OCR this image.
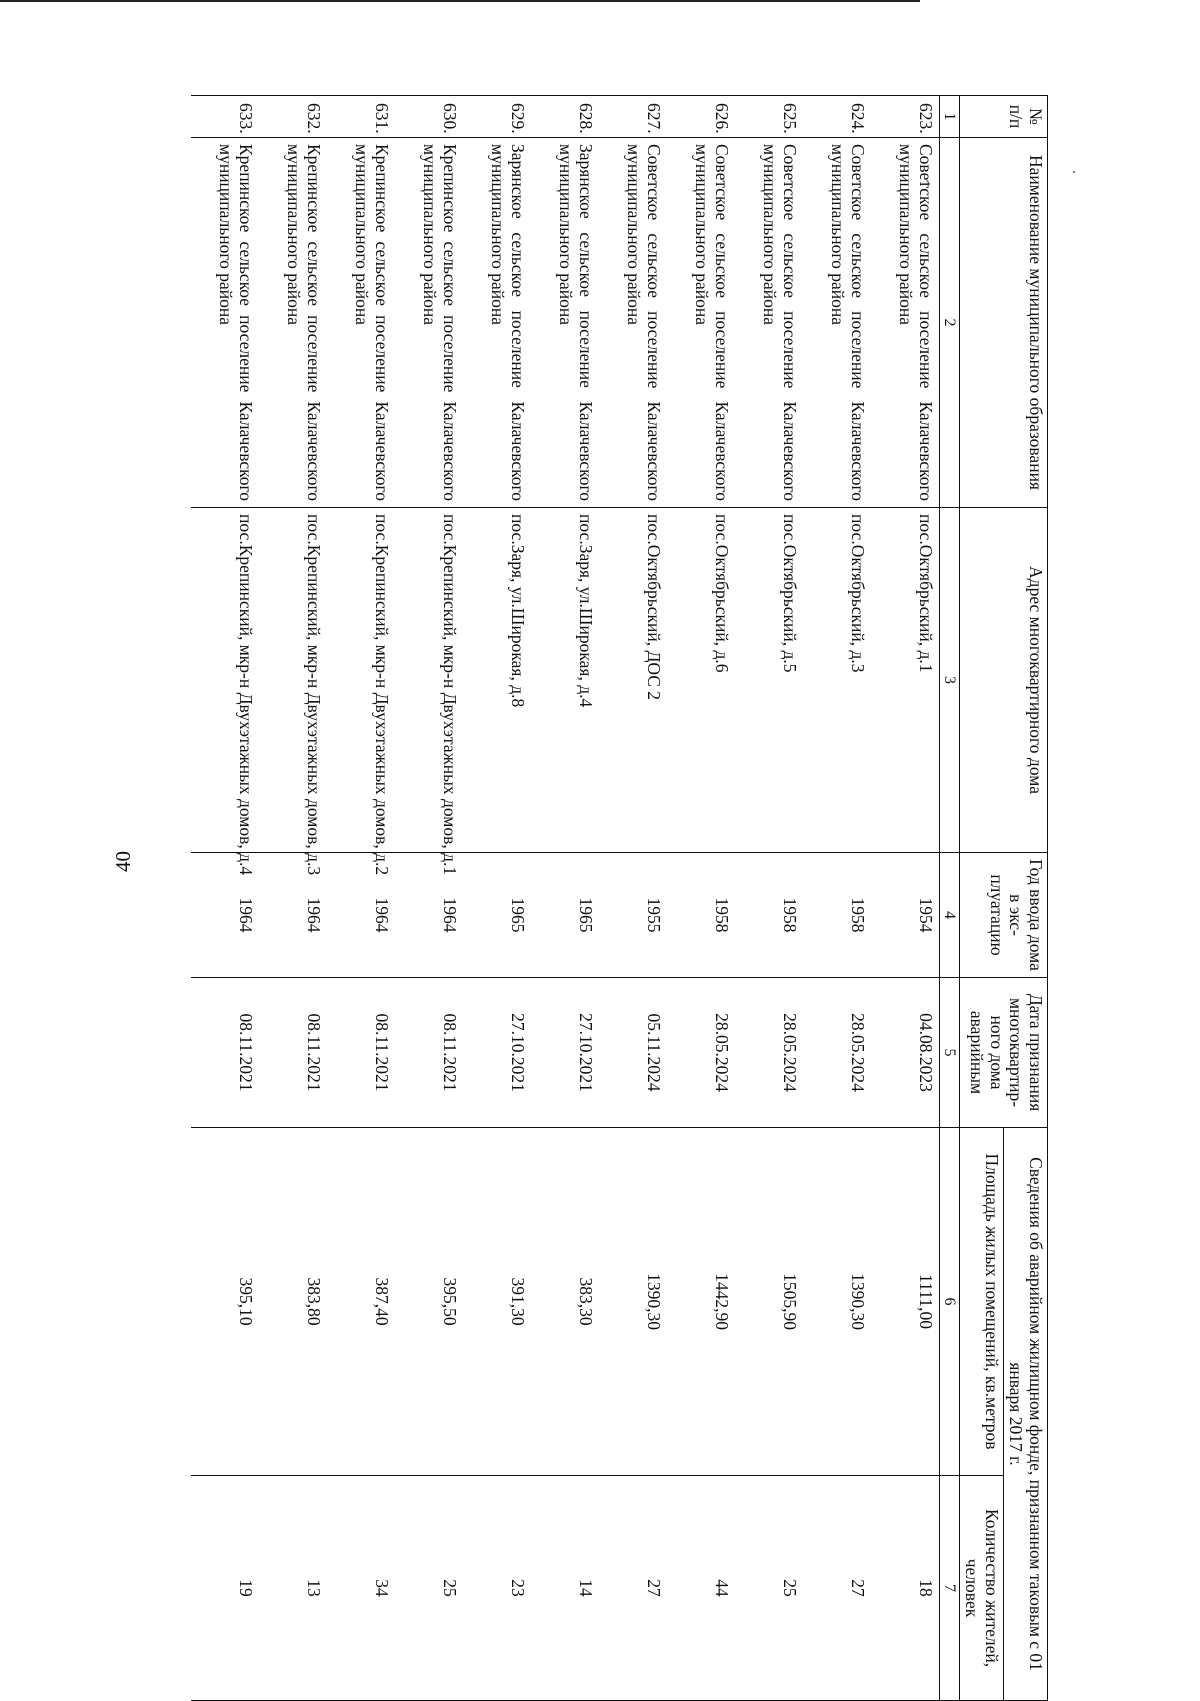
40
№ п/п	Наименование муниципального образования	Адрес многоквартирного дома	Год ввода дома в экс- плуатацию	Дата признания многоквартир- ного дома аварийным	Сведения об аварийном жилищном фонде, признанном таковым с 01 января 2017 г.	
					Площадь жилых помещений, кв.метров	Количество жителей, человек
1	2	3	4	5	6	7
623.	Советское сельское поселение Калачевского муниципального района	пос.Октябрьский, д.1	1954	04.08.2023	1111,00	18
624.	Советское сельское поселение Калачевского муниципального района	пос.Октябрьский, д.3	1958	28.05.2024	1390,30	27
625.	Советское сельское поселение Калачевского муниципального района	пос.Октябрьский, д.5	1958	28.05.2024	1505,90	25
626.	Советское сельское поселение Калачевского муниципального района	пос.Октябрьский, д.6	1958	28.05.2024	1442,90	44
627.	Советское сельское поселение Калачевского муниципального района	пос.Октябрьский, ДОС 2	1955	05.11.2024	1390,30	27
628.	Зарянское сельское поселение Калачевского муниципального района	пос.Заря, ул.Широкая, д.4	1965	27.10.2021	383,30	14
629.	Зарянское сельское поселение Калачевского муниципального района	пос.Заря, ул.Широкая, д.8	1965	27.10.2021	391,30	23
630.	Крепинское сельское поселение Калачевского муниципального района	пос.Крепинский, мкр-н Двухэтажных домов, д.1	1964	08.11.2021	395,50	25
631.	Крепинское сельское поселение Калачевского муниципального района	пос.Крепинский, мкр-н Двухэтажных домов, д.2	1964	08.11.2021	387,40	34
632.	Крепинское сельское поселение Калачевского муниципального района	пос.Крепинский, мкр-н Двухэтажных домов, д.3	1964	08.11.2021	383,80	13
633.	Крепинское сельское поселение Калачевского муниципального района	пос.Крепинский, мкр-н Двухэтажных домов, д.4	1964	08.11.2021	395,10	19
